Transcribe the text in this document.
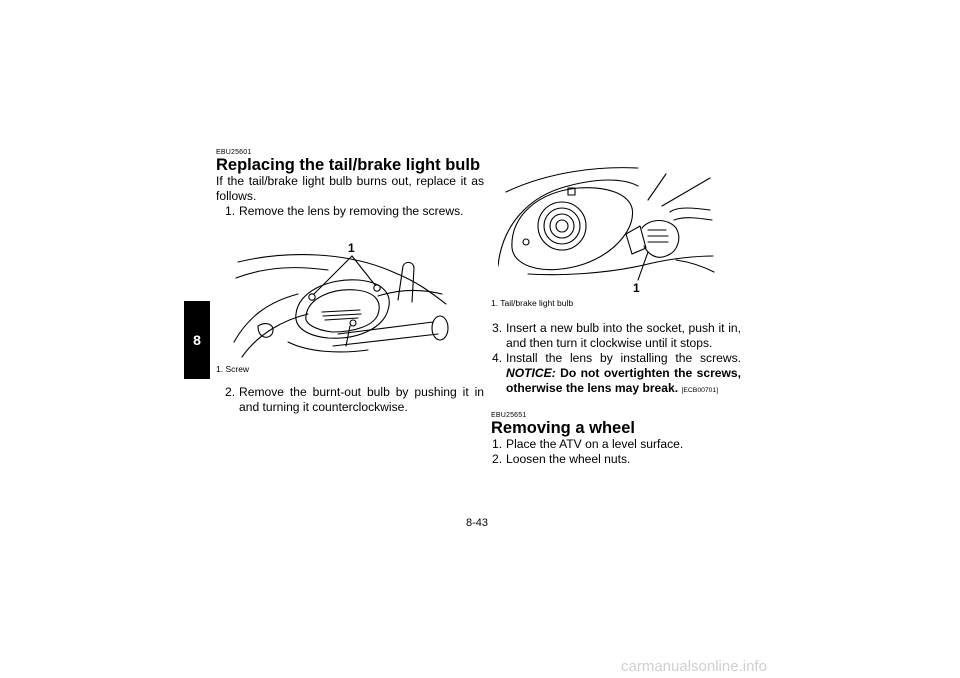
8
EBU25601
Replacing the tail/brake light bulb

If the tail/brake light bulb burns out, replace it as follows.

1. Remove the lens by removing the screws.
1
1. Screw
2. Remove the burnt-out bulb by pushing it in and turning it counterclockwise.
1
1. Tail/brake light bulb
3. Insert a new bulb into the socket, push it in, and then turn it clockwise until it stops.
4. Install the lens by installing the screws. NOTICE: Do not overtighten the screws, otherwise the lens may break. [ECB00701]
EBU25651
Removing a wheel
1. Place the ATV on a level surface.
2. Loosen the wheel nuts.
8-43
carmanualsonline.info
